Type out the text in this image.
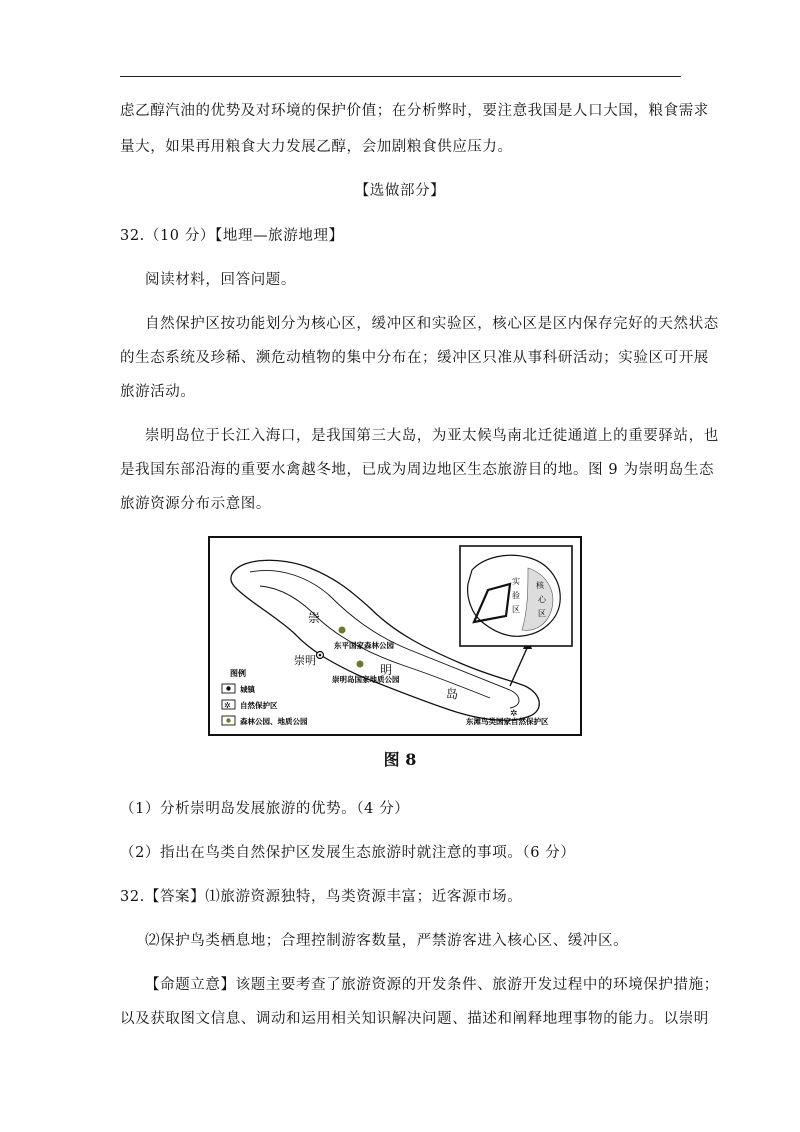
虑乙醇汽油的优势及对环境的保护价值；在分析弊时，要注意我国是人口大国，粮食需求
量大，如果再用粮食大力发展乙醇，会加剧粮食供应压力。
【选做部分】
32.（10 分）【地理—旅游地理】
阅读材料，回答问题。
自然保护区按功能划分为核心区，缓冲区和实验区，核心区是区内保存完好的天然状态
的生态系统及珍稀、濒危动植物的集中分布在；缓冲区只准从事科研活动；实验区可开展
旅游活动。
崇明岛位于长江入海口，是我国第三大岛，为亚太候鸟南北迁徙通道上的重要驿站，也
是我国东部沿海的重要水禽越冬地，已成为周边地区生态旅游目的地。图 9 为崇明岛生态
旅游资源分布示意图。
✲
崇
明
岛
崇明
东平国家森林公园
崇明岛国家地质公园
东滩鸟类国家自然保护区
实
验
区
核
心
区
图例
城镇
✲ 自然保护区
森林公园、地质公园
图 8
（1）分析崇明岛发展旅游的优势。（4 分）
（2）指出在鸟类自然保护区发展生态旅游时就注意的事项。（6 分）
32.【答案】⑴旅游资源独特，鸟类资源丰富；近客源市场。
⑵保护鸟类栖息地；合理控制游客数量，严禁游客进入核心区、缓冲区。
【命题立意】该题主要考查了旅游资源的开发条件、旅游开发过程中的环境保护措施；
以及获取图文信息、调动和运用相关知识解决问题、描述和阐释地理事物的能力。以崇明
